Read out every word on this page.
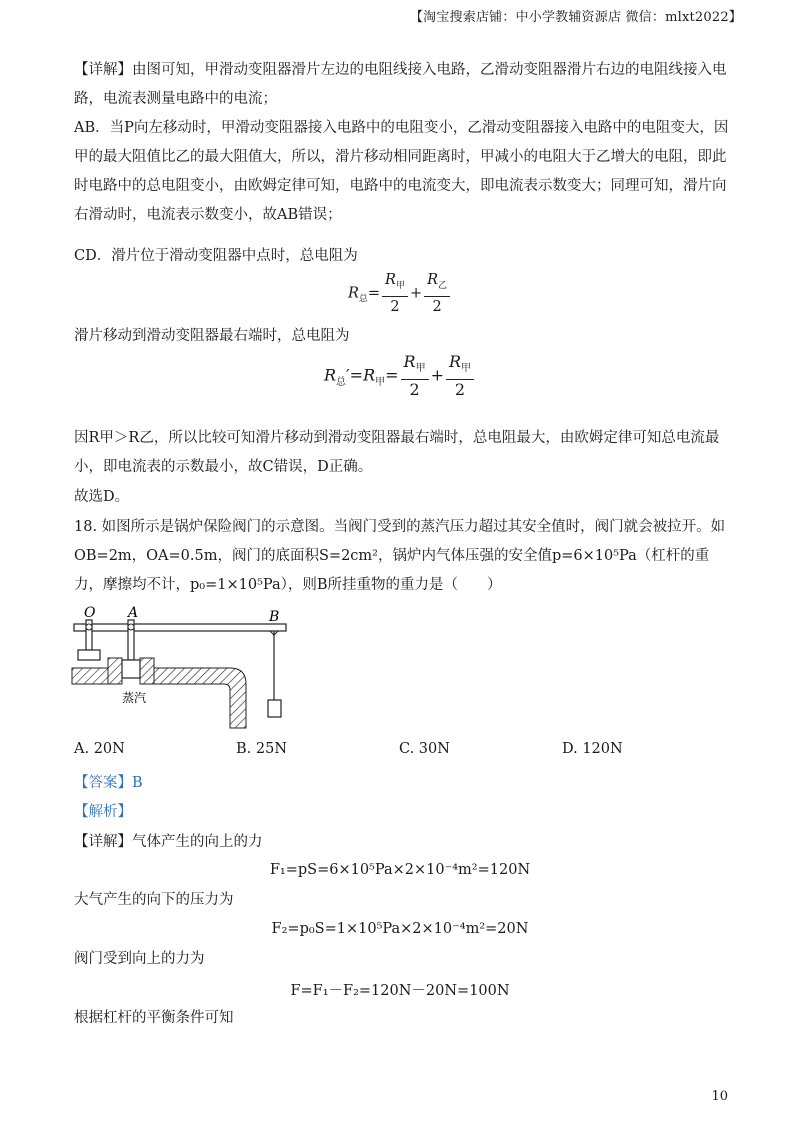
【淘宝搜索店铺：中小学教辅资源店 微信：mlxt2022】
【详解】由图可知，甲滑动变阻器滑片左边的电阻线接入电路，乙滑动变阻器滑片右边的电阻线接入电路，电流表测量电路中的电流；
AB．当P向左移动时，甲滑动变阻器接入电路中的电阻变小，乙滑动变阻器接入电路中的电阻变大，因甲的最大阻值比乙的最大阻值大，所以，滑片移动相同距离时，甲减小的电阻大于乙增大的电阻，即此时电路中的总电阻变小，由欧姆定律可知，电路中的电流变大，即电流表示数变大；同理可知，滑片向右滑动时，电流表示数变小，故AB错误；
CD．滑片位于滑动变阻器中点时，总电阻为
$R_总= \frac{R_甲}{2} + \frac{R_乙}{2}$
滑片移动到滑动变阻器最右端时，总电阻为
$R_总'=R_甲= \frac{R_甲}{2} + \frac{R_甲}{2}$
因R甲＞R乙，所以比较可知滑片移动到滑动变阻器最右端时，总电阻最大，由欧姆定律可知总电流最小，即电流表的示数最小，故C错误，D正确。
故选D。
18. 如图所示是锅炉保险阀门的示意图。当阀门受到的蒸汽压力超过其安全值时，阀门就会被拉开。如OB=2m，OA=0.5m，阀门的底面积S=2cm²，锅炉内气体压强的安全值p=6×10⁵Pa（杠杆的重力，摩擦均不计，p₀=1×10⁵Pa），则B所挂重物的重力是（　　）
O A	B
蒸汽
A. 20N	B. 25N	C. 30N	D. 120N
【答案】B
【解析】
【详解】气体产生的向上的力
F₁=pS=6×10⁵Pa×2×10⁻⁴m²=120N
大气产生的向下的压力为
F₂=p₀S=1×10⁵Pa×2×10⁻⁴m²=20N
阀门受到向上的力为
F=F₁－F₂=120N－20N=100N
根据杠杆的平衡条件可知
10
